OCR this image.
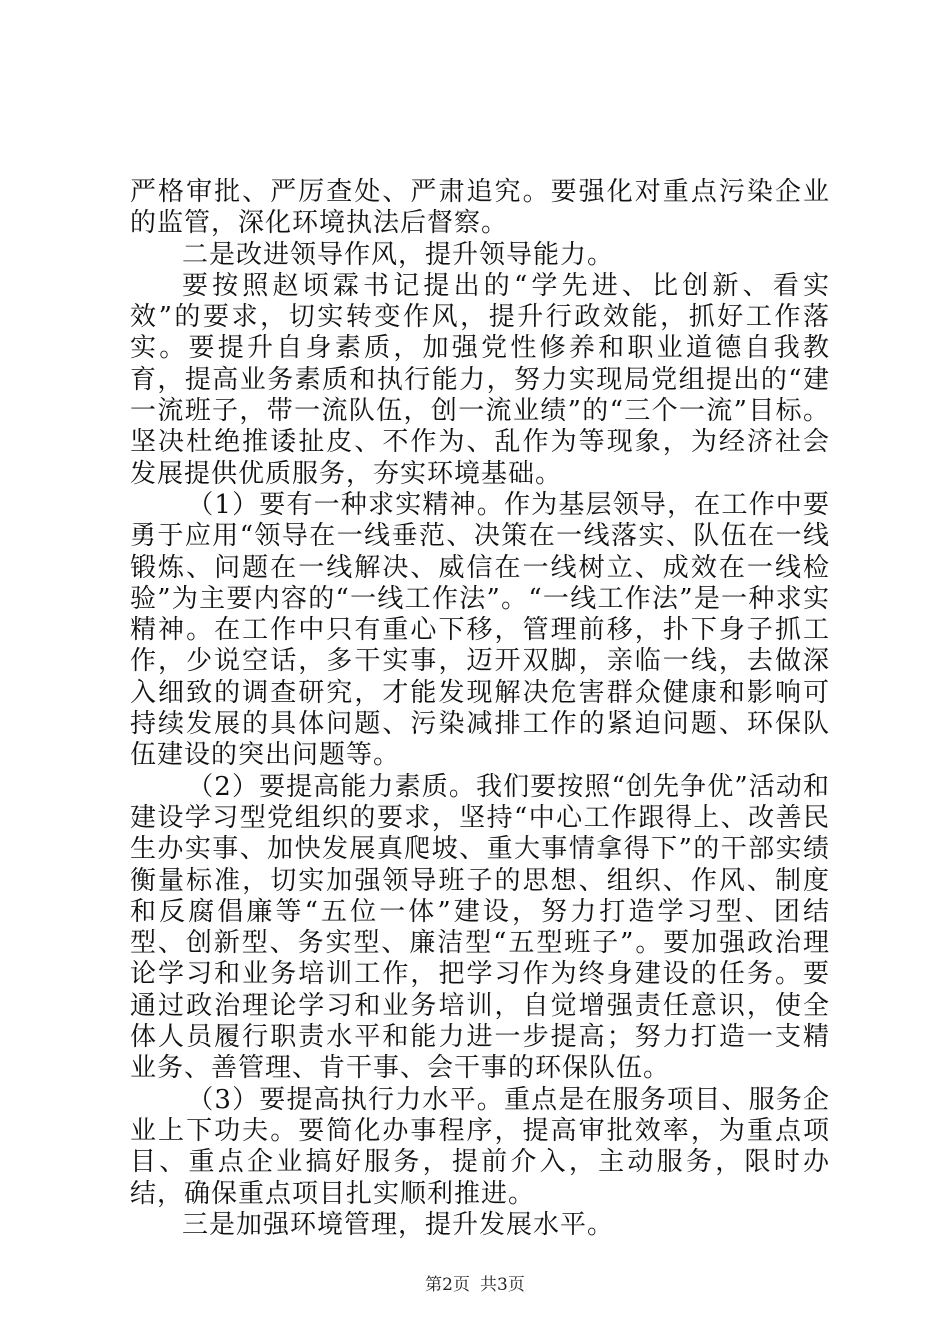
严格审批、严厉查处、严肃追究。要强化对重点污染企业的监管，深化环境执法后督察。

二是改进领导作风，提升领导能力。

要按照赵顷霖书记提出的“学先进、比创新、看实效”的要求，切实转变作风，提升行政效能，抓好工作落实。要提升自身素质，加强党性修养和职业道德自我教育，提高业务素质和执行能力，努力实现局党组提出的“建一流班子，带一流队伍，创一流业绩”的“三个一流”目标。坚决杜绝推诿扯皮、不作为、乱作为等现象，为经济社会发展提供优质服务，夯实环境基础。

（1）要有一种求实精神。作为基层领导，在工作中要勇于应用“领导在一线垂范、决策在一线落实、队伍在一线锻炼、问题在一线解决、威信在一线树立、成效在一线检验”为主要内容的“一线工作法”。“一线工作法”是一种求实精神。在工作中只有重心下移，管理前移，扑下身子抓工作，少说空话，多干实事，迈开双脚，亲临一线，去做深入细致的调查研究，才能发现解决危害群众健康和影响可持续发展的具体问题、污染减排工作的紧迫问题、环保队伍建设的突出问题等。

（2）要提高能力素质。我们要按照“创先争优”活动和建设学习型党组织的要求，坚持“中心工作跟得上、改善民生办实事、加快发展真爬坡、重大事情拿得下”的干部实绩衡量标准，切实加强领导班子的思想、组织、作风、制度和反腐倡廉等“五位一体”建设，努力打造学习型、团结型、创新型、务实型、廉洁型“五型班子”。要加强政治理论学习和业务培训工作，把学习作为终身建设的任务。要通过政治理论学习和业务培训，自觉增强责任意识，使全体人员履行职责水平和能力进一步提高；努力打造一支精业务、善管理、肯干事、会干事的环保队伍。

（3）要提高执行力水平。重点是在服务项目、服务企业上下功夫。要简化办事程序，提高审批效率，为重点项目、重点企业搞好服务，提前介入，主动服务，限时办结，确保重点项目扎实顺利推进。

三是加强环境管理，提升发展水平。

第2页 共3页
